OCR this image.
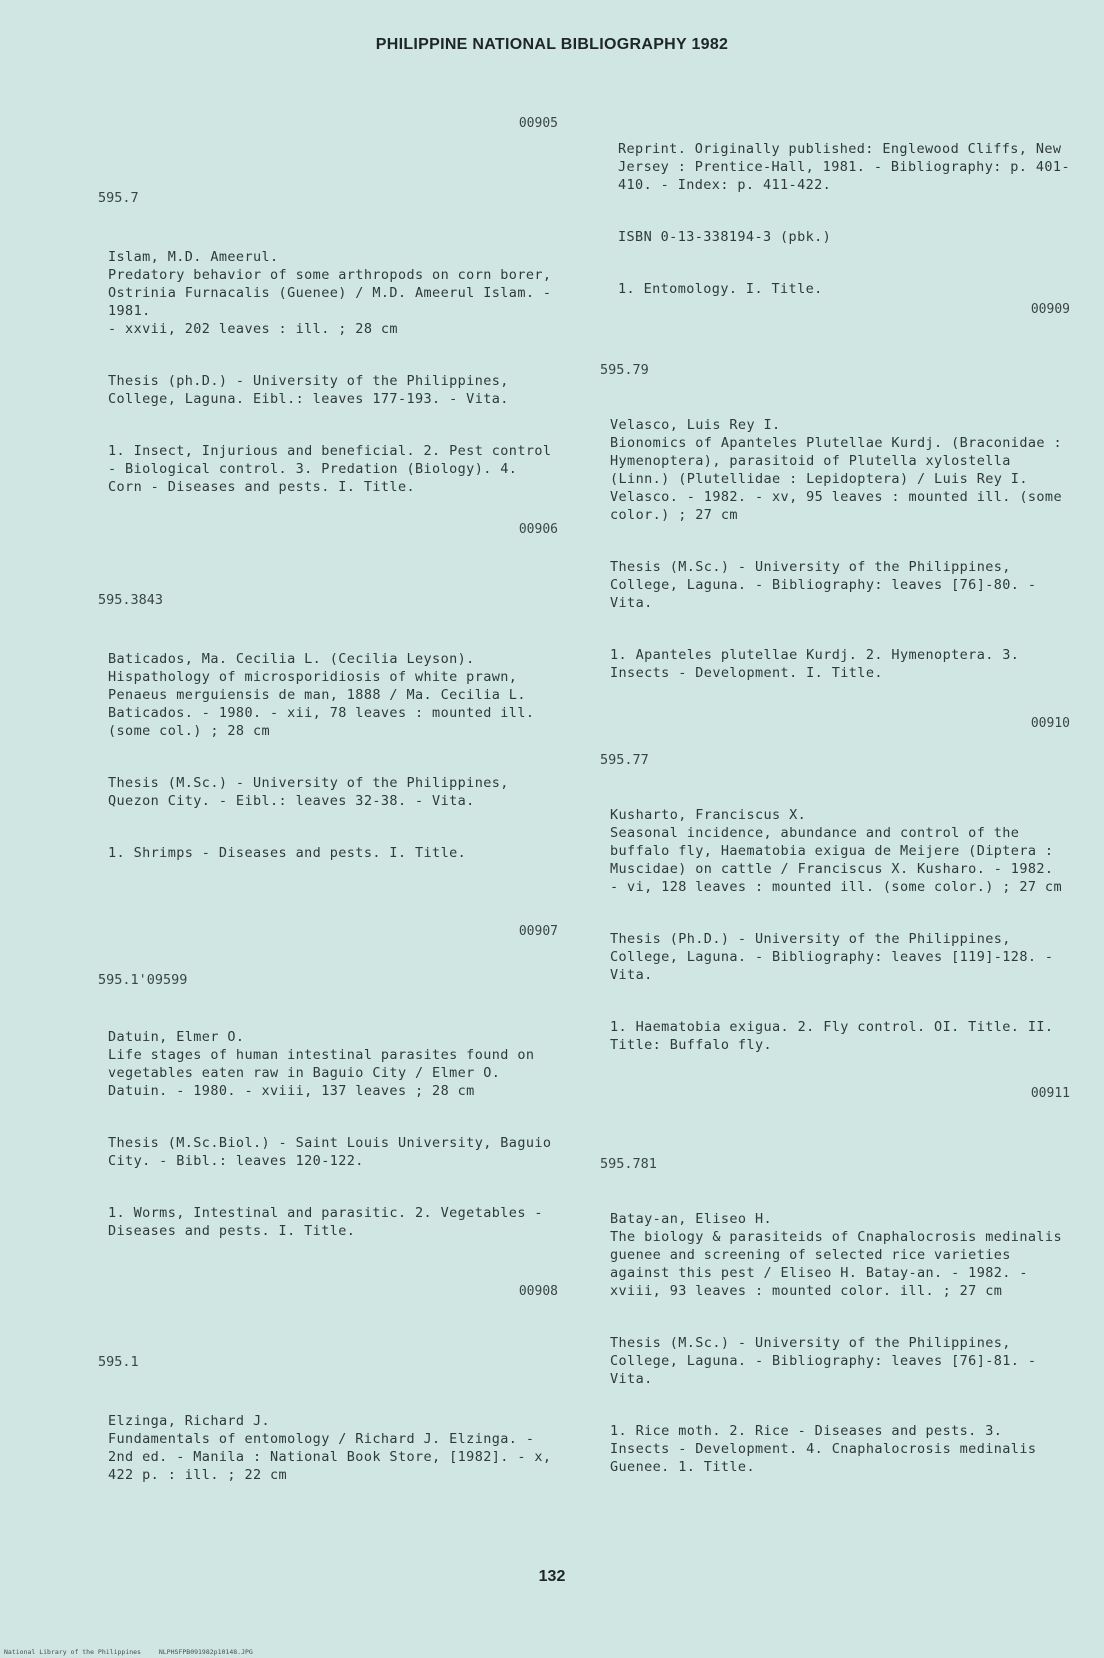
PHILIPPINE NATIONAL BIBLIOGRAPHY 1982
00905
595.7

Islam, M.D. Ameerul.
Predatory behavior of some arthropods on corn borer, Ostrinia Furnacalis (Guenee) / M.D. Ameerul Islam. - 1981.
- xxvii, 202 leaves : ill. ; 28 cm

Thesis (ph.D.) - University of the Philippines, College, Laguna. Eibl.: leaves 177-193. - Vita.

1. Insect, Injurious and beneficial. 2. Pest control - Biological control. 3. Predation (Biology). 4. Corn - Diseases and pests. I. Title.

00906
595.3843

Baticados, Ma. Cecilia L. (Cecilia Leyson).
Hispathology of microsporidiosis of white prawn, Penaeus merguiensis de man, 1888 / Ma. Cecilia L. Baticados. - 1980. - xii, 78 leaves : mounted ill. (some col.) ; 28 cm

Thesis (M.Sc.) - University of the Philippines, Quezon City. - Eibl.: leaves 32-38. - Vita.

1. Shrimps - Diseases and pests. I. Title.

00907
595.1'09599

Datuin, Elmer O.
Life stages of human intestinal parasites found on vegetables eaten raw in Baguio City / Elmer O. Datuin. - 1980. - xviii, 137 leaves ; 28 cm

Thesis (M.Sc.Biol.) - Saint Louis University, Baguio City. - Bibl.: leaves 120-122.

1. Worms, Intestinal and parasitic. 2. Vegetables - Diseases and pests. I. Title.

00908
595.1

Elzinga, Richard J.
Fundamentals of entomology / Richard J. Elzinga. - 2nd ed. - Manila : National Book Store, [1982]. - x, 422 p. : ill. ; 22 cm

Reprint. Originally published: Englewood Cliffs, New Jersey : Prentice-Hall, 1981. - Bibliography: p. 401-410. - Index: p. 411-422.

ISBN 0-13-338194-3 (pbk.)

1. Entomology. I. Title.

00909
595.79

Velasco, Luis Rey I.
Bionomics of Apanteles Plutellae Kurdj. (Braconidae : Hymenoptera), parasitoid of Plutella xylostella (Linn.) (Plutellidae : Lepidoptera) / Luis Rey I. Velasco. - 1982. - xv, 95 leaves : mounted ill. (some color.) ; 27 cm

Thesis (M.Sc.) - University of the Philippines, College, Laguna. - Bibliography: leaves [76]-80. - Vita.

1. Apanteles plutellae Kurdj. 2. Hymenoptera. 3. Insects - Development. I. Title.

00910
595.77

Kusharto, Franciscus X.
Seasonal incidence, abundance and control of the buffalo fly, Haematobia exigua de Meijere (Diptera : Muscidae) on cattle / Franciscus X. Kusharo. - 1982. - vi, 128 leaves : mounted ill. (some color.) ; 27 cm

Thesis (Ph.D.) - University of the Philippines, College, Laguna. - Bibliography: leaves [119]-128. - Vita.

1. Haematobia exigua. 2. Fly control. OI. Title. II. Title: Buffalo fly.

00911
595.781

Batay-an, Eliseo H.
The biology & parasiteids of Cnaphalocrosis medinalis guenee and screening of selected rice varieties against this pest / Eliseo H. Batay-an. - 1982. - xviii, 93 leaves : mounted color. ill. ; 27 cm

Thesis (M.Sc.) - University of the Philippines, College, Laguna. - Bibliography: leaves [76]-81. - Vita.

1. Rice moth. 2. Rice - Diseases and pests. 3. Insects - Development. 4. Cnaphalocrosis medinalis Guenee. 1. Title.

132
National Library of the Philippines	NLPHSFPB091982p10148.JPG
